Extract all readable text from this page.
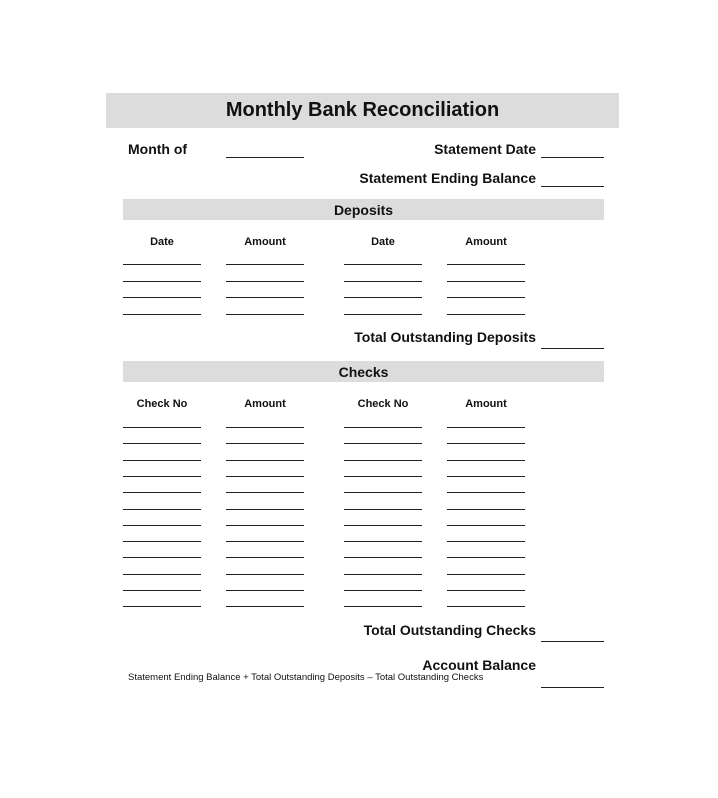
Monthly Bank Reconciliation
Month of	Statement Date
Statement Ending Balance
Deposits
Date	Amount	Date	Amount
Total Outstanding Deposits
Checks
Check No	Amount	Check No	Amount
Total Outstanding Checks
Account Balance
Statement Ending Balance + Total Outstanding Deposits – Total Outstanding Checks
